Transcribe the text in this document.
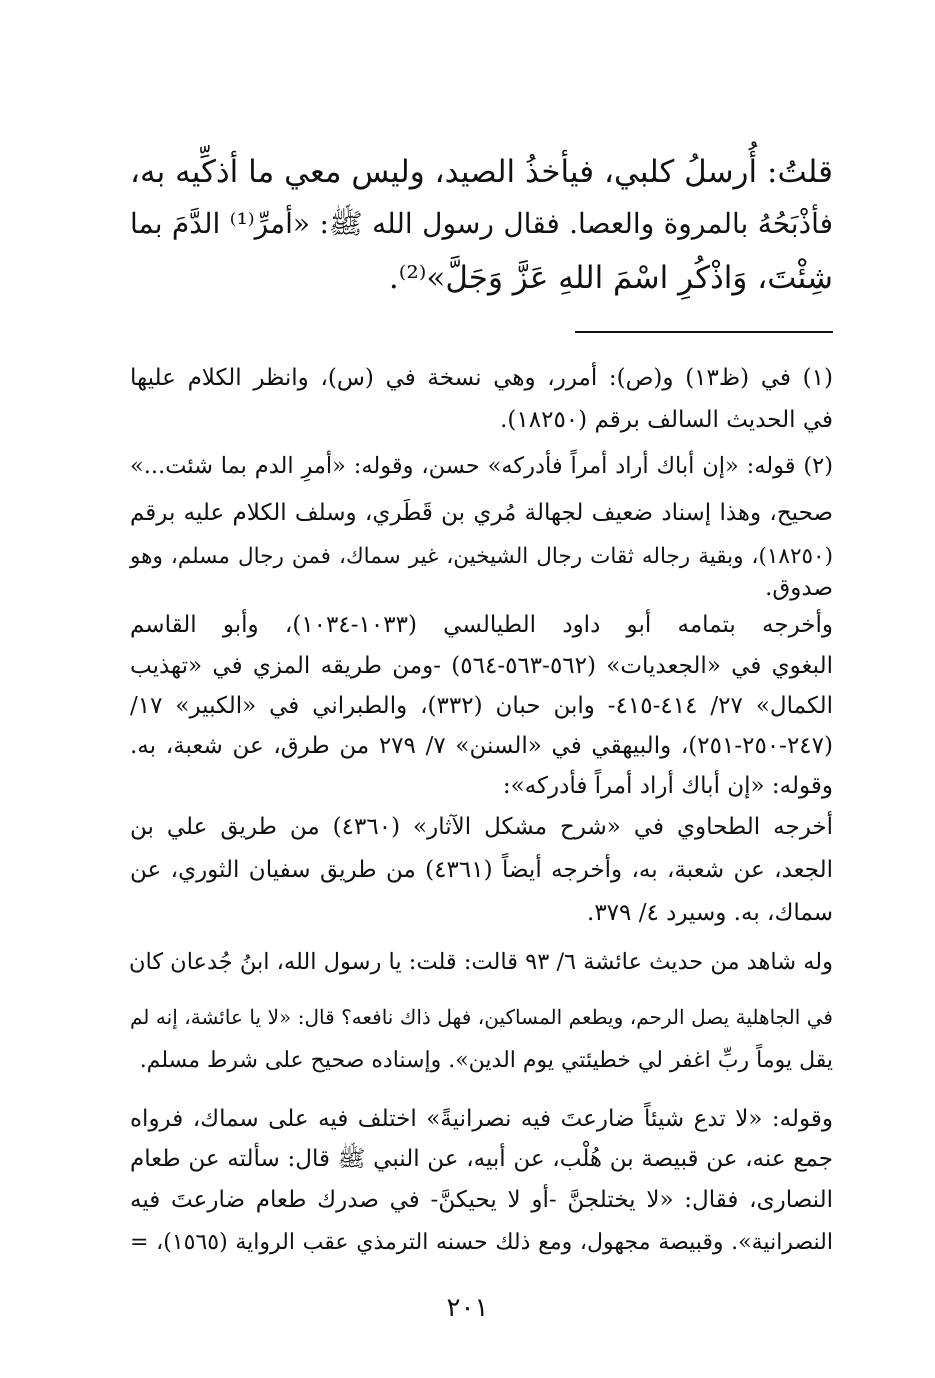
قلتُ: أُرسلُ كلبي، فيأخذُ الصيد، وليس معي ما أذكِّيه به،
فأذْبَحُهُ بالمروة والعصا. فقال رسول الله ﷺ: «أمرِّ⁽¹⁾ الدَّمَ بما
شِئْتَ، وَاذْكُرِ اسْمَ اللهِ عَزَّ وَجَلَّ»⁽²⁾.
(١) في (ظ١٣) و(ص): أمرر، وهي نسخة في (س)، وانظر الكلام عليها
في الحديث السالف برقم (١٨٢٥٠).
(٢) قوله: «إن أباك أراد أمراً فأدركه» حسن، وقوله: «أمرِ الدم بما شئت...»
صحيح، وهذا إسناد ضعيف لجهالة مُري بن قَطَري، وسلف الكلام عليه برقم
(١٨٢٥٠)، وبقية رجاله ثقات رجال الشيخين، غير سماك، فمن رجال مسلم، وهو
صدوق.
وأخرجه بتمامه أبو داود الطيالسي (١٠٣٣-١٠٣٤)، وأبو القاسم
البغوي في «الجعديات» (٥٦٢-٥٦٣-٥٦٤) -ومن طريقه المزي في «تهذيب
الكمال» ٢٧/ ٤١٤-٤١٥- وابن حبان (٣٣٢)، والطبراني في «الكبير» ١٧/
(٢٤٧-٢٥٠-٢٥١)، والبيهقي في «السنن» ٧/ ٢٧٩ من طرق، عن شعبة، به.
وقوله: «إن أباك أراد أمراً فأدركه»:
أخرجه الطحاوي في «شرح مشكل الآثار» (٤٣٦٠) من طريق علي بن
الجعد، عن شعبة، به، وأخرجه أيضاً (٤٣٦١) من طريق سفيان الثوري، عن
سماك، به. وسيرد ٤/ ٣٧٩.
وله شاهد من حديث عائشة ٦/ ٩٣ قالت: قلت: يا رسول الله، ابنُ جُدعان كان
في الجاهلية يصل الرحم، ويطعم المساكين، فهل ذاك نافعه؟ قال: «لا يا عائشة، إنه لم
يقل يوماً ربِّ اغفر لي خطيئتي يوم الدين». وإسناده صحيح على شرط مسلم.
وقوله: «لا تدع شيئاً ضارعتَ فيه نصرانيةً» اختلف فيه على سماك، فرواه
جمع عنه، عن قبيصة بن هُلْب، عن أبيه، عن النبي ﷺ قال: سألته عن طعام
النصارى، فقال: «لا يختلجنَّ -أو لا يحيكنَّ- في صدرك طعام ضارعتَ فيه
النصرانية». وقبيصة مجهول، ومع ذلك حسنه الترمذي عقب الرواية (١٥٦٥)، =
٢٠١
